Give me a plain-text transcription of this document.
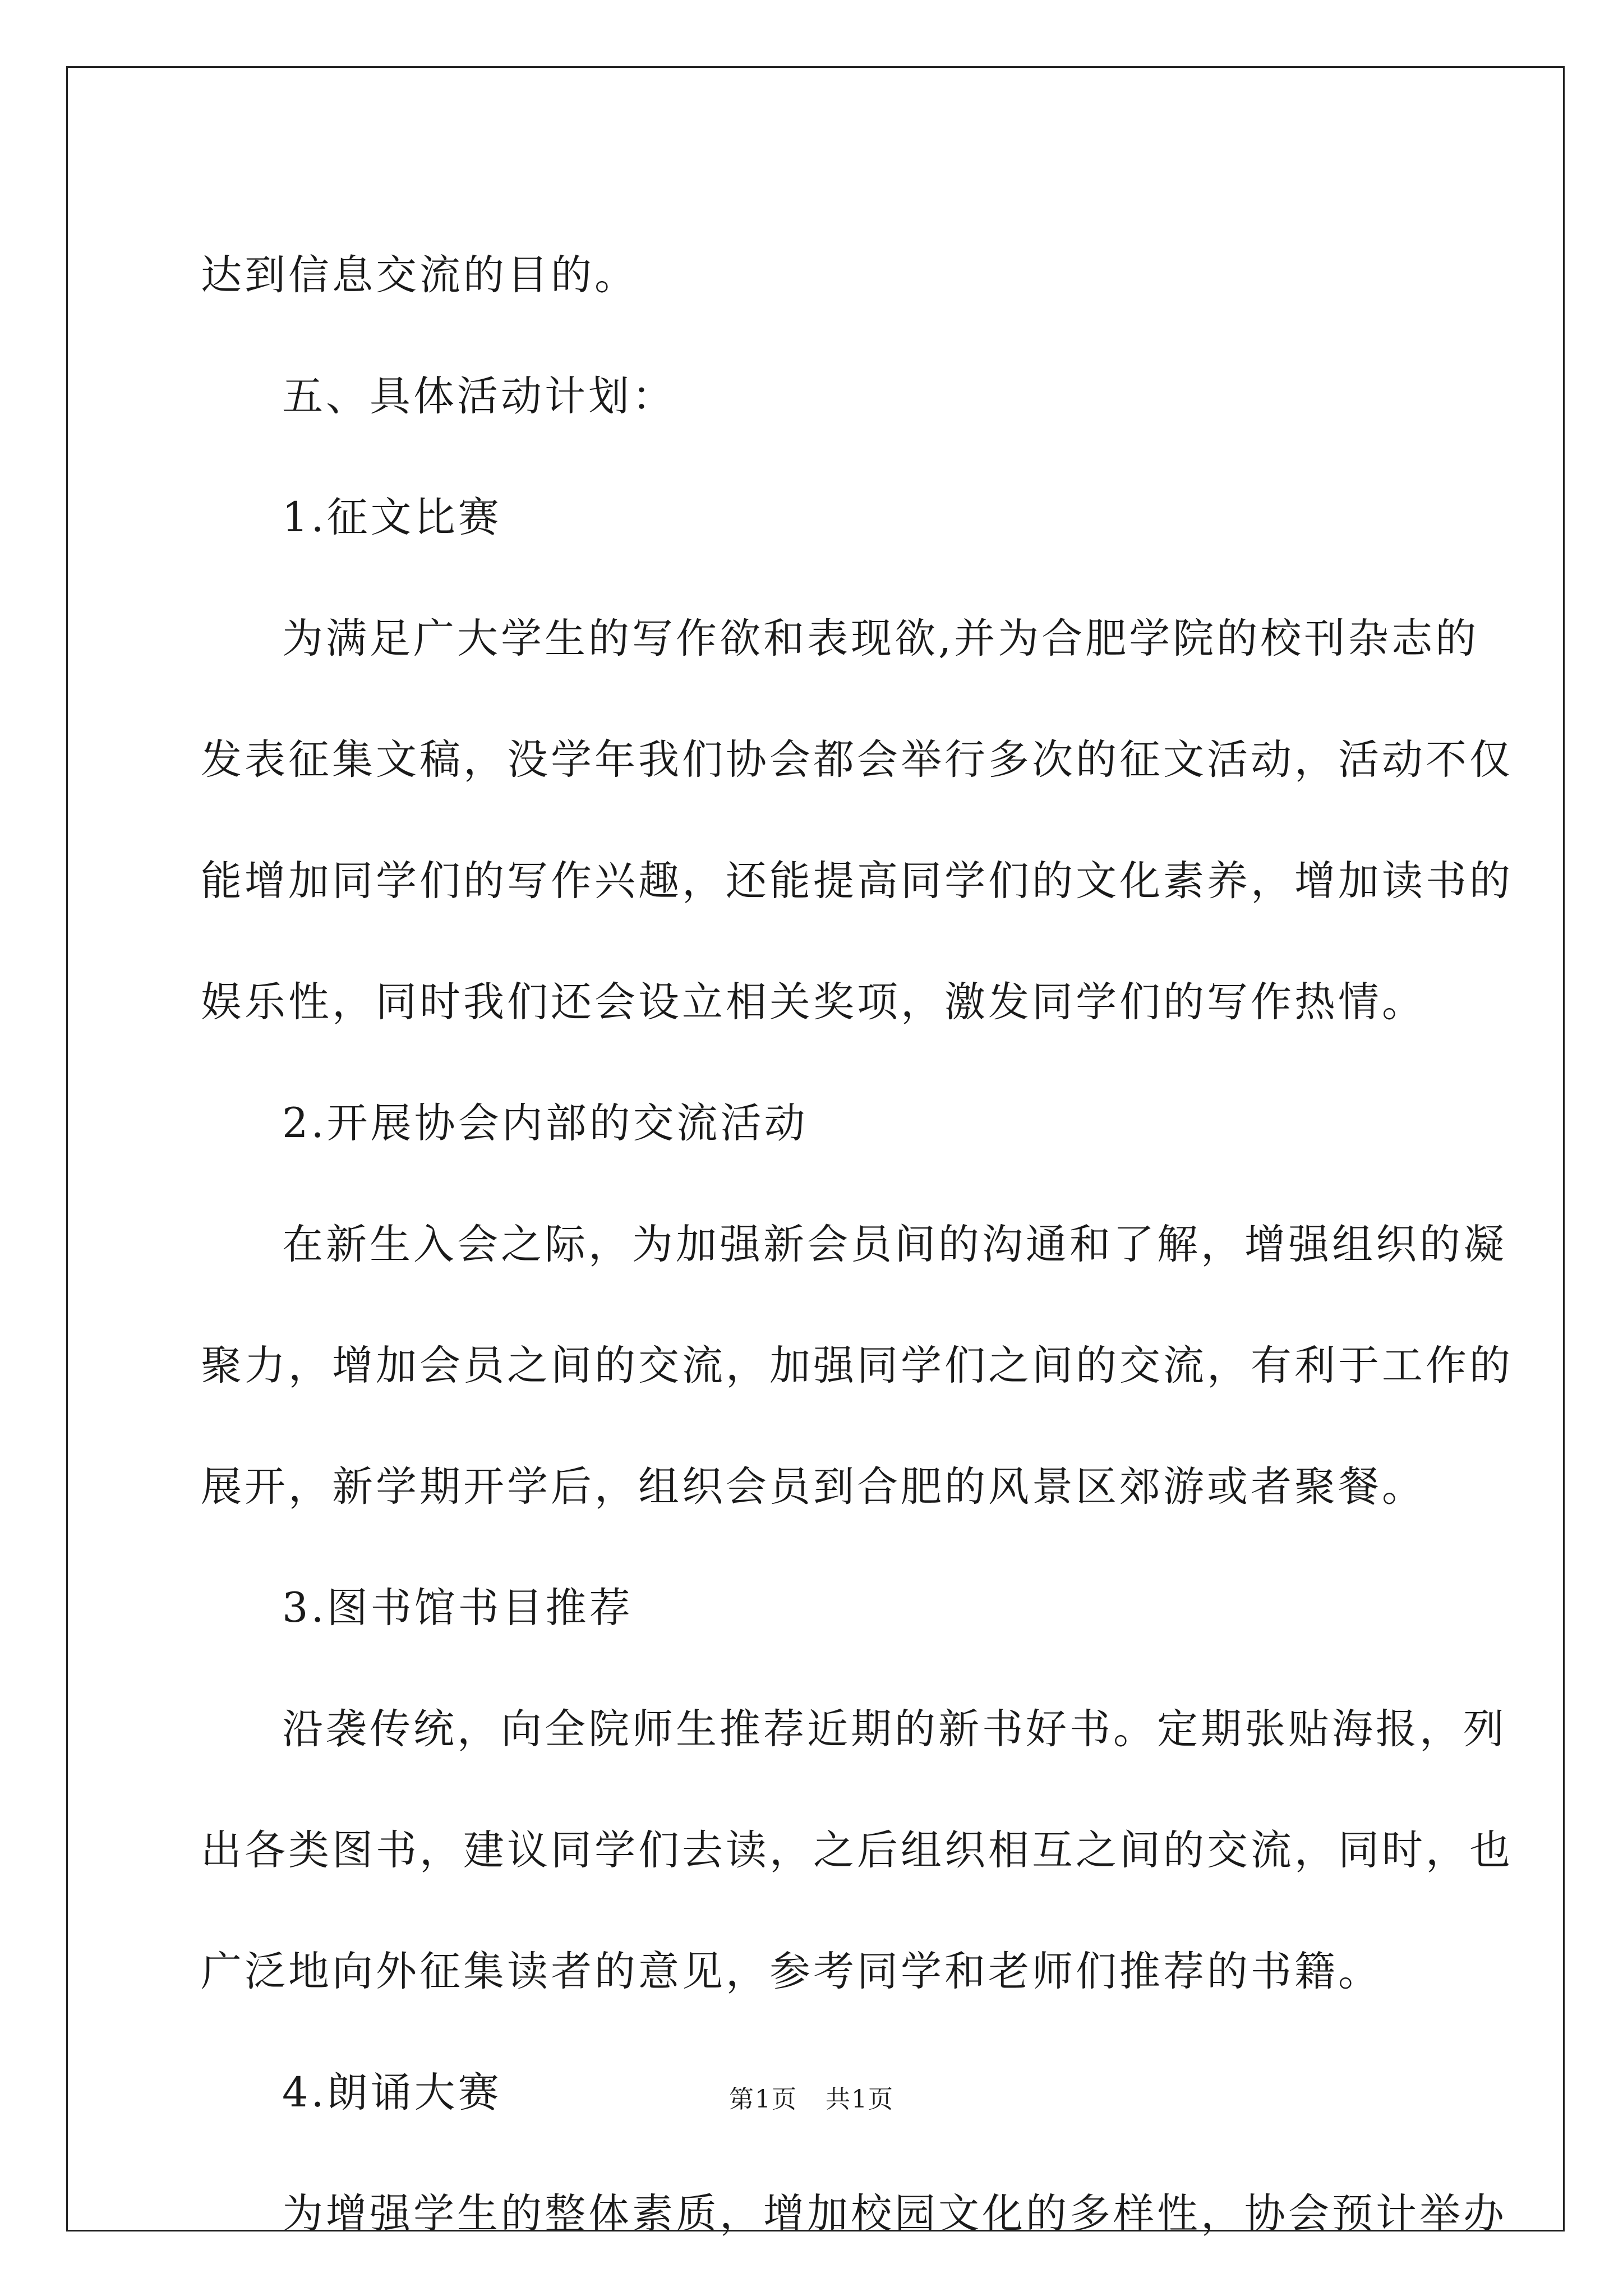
达到信息交流的目的。
五、具体活动计划：
1.征文比赛
为满足广大学生的写作欲和表现欲,并为合肥学院的校刊杂志的
发表征集文稿，没学年我们协会都会举行多次的征文活动，活动不仅
能增加同学们的写作兴趣，还能提高同学们的文化素养，增加读书的
娱乐性，同时我们还会设立相关奖项，激发同学们的写作热情。
2.开展协会内部的交流活动
在新生入会之际，为加强新会员间的沟通和了解，增强组织的凝
聚力，增加会员之间的交流，加强同学们之间的交流，有利于工作的
展开，新学期开学后，组织会员到合肥的风景区郊游或者聚餐。
3.图书馆书目推荐
沿袭传统，向全院师生推荐近期的新书好书。定期张贴海报，列
出各类图书，建议同学们去读，之后组织相互之间的交流，同时，也
广泛地向外征集读者的意见，参考同学和老师们推荐的书籍。
4.朗诵大赛
为增强学生的整体素质，增加校园文化的多样性，协会预计举办
第1页 共1页
